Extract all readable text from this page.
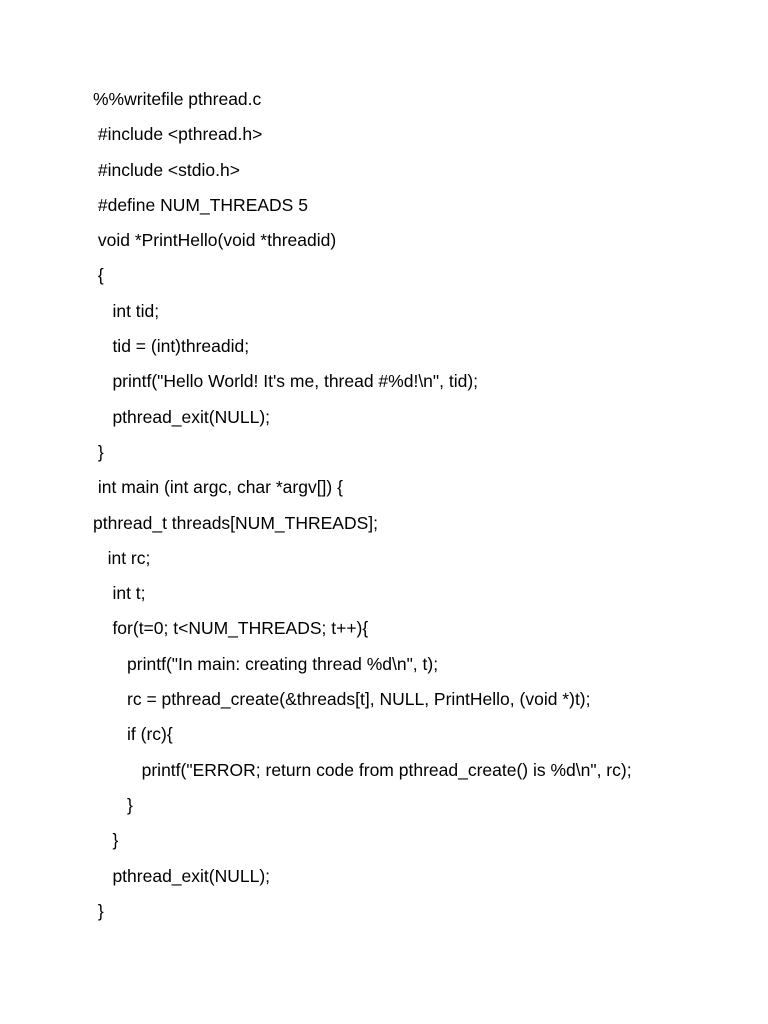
%%writefile pthread.c
#include <pthread.h>
#include <stdio.h>
#define NUM_THREADS 5
void *PrintHello(void *threadid)
{
int tid;
tid = (int)threadid;
printf("Hello World! It's me, thread #%d!\n", tid);
pthread_exit(NULL);
}
int main (int argc, char *argv[]) {
pthread_t threads[NUM_THREADS];
int rc;
int t;
for(t=0; t<NUM_THREADS; t++){
printf("In main: creating thread %d\n", t);
rc = pthread_create(&threads[t], NULL, PrintHello, (void *)t);
if (rc){
printf("ERROR; return code from pthread_create() is %d\n", rc);
}
}
pthread_exit(NULL);
}
